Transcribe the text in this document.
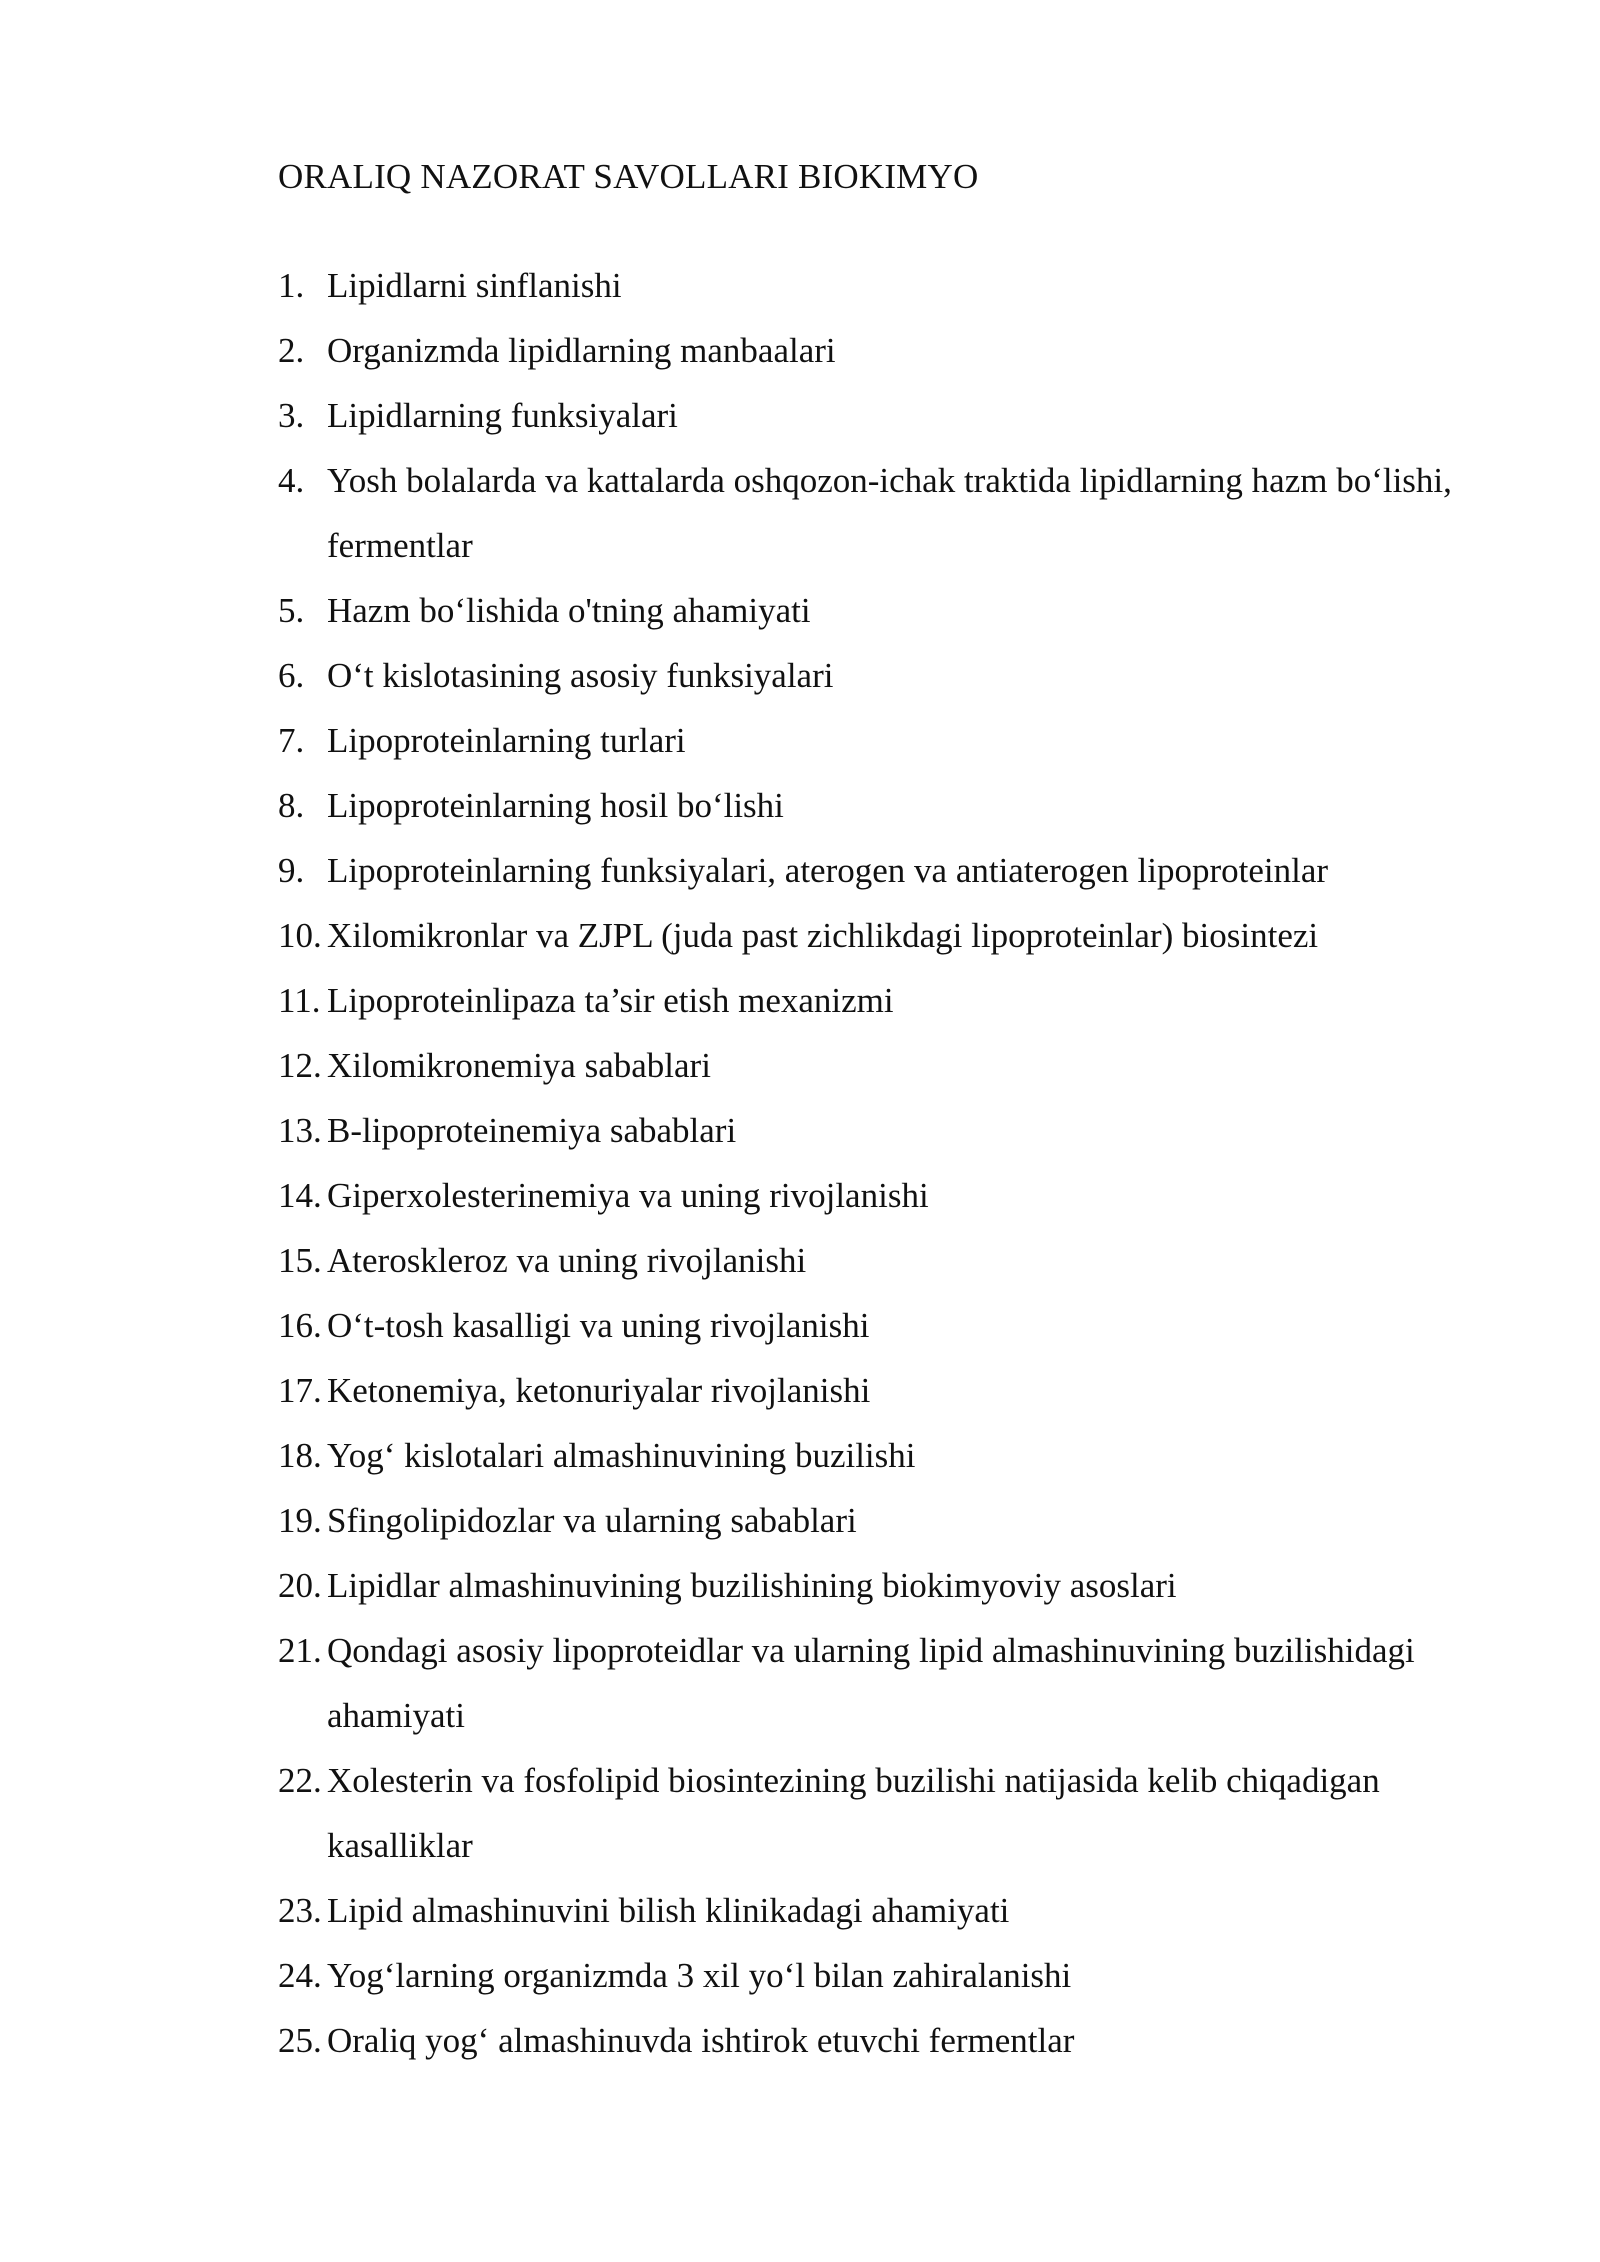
ORALIQ NAZORAT SAVOLLARI BIOKIMYO
1. Lipidlarni sinflanishi
2. Organizmda lipidlarning manbaalari
3. Lipidlarning funksiyalari
4. Yosh bolalarda va kattalarda oshqozon-ichak traktida lipidlarning hazm bo‘lishi, fermentlar
5. Hazm bo‘lishida o'tning ahamiyati
6. O‘t kislotasining asosiy funksiyalari
7. Lipoproteinlarning turlari
8. Lipoproteinlarning hosil bo‘lishi
9. Lipoproteinlarning funksiyalari, aterogen va antiaterogen lipoproteinlar
10. Xilomikronlar va ZJPL (juda past zichlikdagi lipoproteinlar) biosintezi
11. Lipoproteinlipaza ta’sir etish mexanizmi
12. Xilomikronemiya sabablari
13. B-lipoproteinemiya sabablari
14. Giperxolesterinemiya va uning rivojlanishi
15. Ateroskleroz va uning rivojlanishi
16. O‘t-tosh kasalligi va uning rivojlanishi
17. Ketonemiya, ketonuriyalar rivojlanishi
18. Yog‘ kislotalari almashinuvining buzilishi
19. Sfingolipidozlar va ularning sabablari
20. Lipidlar almashinuvining buzilishining biokimyoviy asoslari
21. Qondagi asosiy lipoproteidlar va ularning lipid almashinuvining buzilishidagi ahamiyati
22. Xolesterin va fosfolipid biosintezining buzilishi natijasida kelib chiqadigan kasalliklar
23. Lipid almashinuvini bilish klinikadagi ahamiyati
24. Yog‘larning organizmda 3 xil yo‘l bilan zahiralanishi
25. Oraliq yog‘ almashinuvda ishtirok etuvchi fermentlar
